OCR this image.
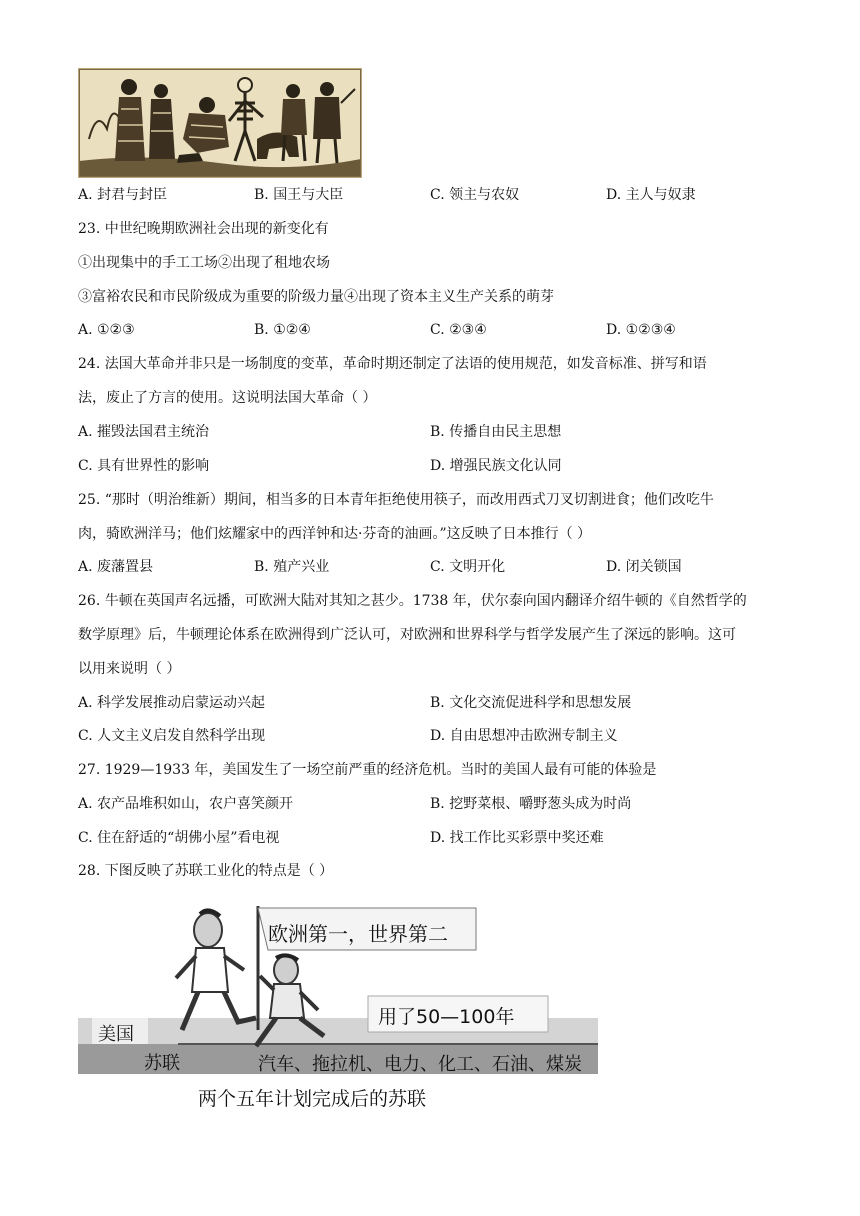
A. 封君与封臣	B. 国王与大臣	C. 领主与农奴	D. 主人与奴隶
23. 中世纪晚期欧洲社会出现的新变化有
①出现集中的手工工场②出现了租地农场
③富裕农民和市民阶级成为重要的阶级力量④出现了资本主义生产关系的萌芽
A. ①②③	B. ①②④	C. ②③④	D. ①②③④
24. 法国大革命并非只是一场制度的变革，革命时期还制定了法语的使用规范，如发音标准、拼写和语
法，废止了方言的使用。这说明法国大革命（ ）
A. 摧毁法国君主统治	B. 传播自由民主思想
C. 具有世界性的影响	D. 增强民族文化认同
25. “那时（明治维新）期间，相当多的日本青年拒绝使用筷子，而改用西式刀叉切割进食；他们改吃牛
肉，骑欧洲洋马；他们炫耀家中的西洋钟和达·芬奇的油画。”这反映了日本推行（ ）
A. 废藩置县	B. 殖产兴业	C. 文明开化	D. 闭关锁国
26. 牛顿在英国声名远播，可欧洲大陆对其知之甚少。1738 年，伏尔泰向国内翻译介绍牛顿的《自然哲学的
数学原理》后，牛顿理论体系在欧洲得到广泛认可，对欧洲和世界科学与哲学发展产生了深远的影响。这可
以用来说明（ ）
A. 科学发展推动启蒙运动兴起	B. 文化交流促进科学和思想发展
C. 人文主义启发自然科学出现	D. 自由思想冲击欧洲专制主义
27. 1929—1933 年，美国发生了一场空前严重的经济危机。当时的美国人最有可能的体验是
A. 农产品堆积如山，农户喜笑颜开	B. 挖野菜根、嚼野葱头成为时尚
C. 住在舒适的“胡佛小屋”看电视	D. 找工作比买彩票中奖还难
28. 下图反映了苏联工业化的特点是（ ）
欧洲第一，世界第二
用了50—100年
美国
苏联	汽车、拖拉机、电力、化工、石油、煤炭
两个五年计划完成后的苏联
